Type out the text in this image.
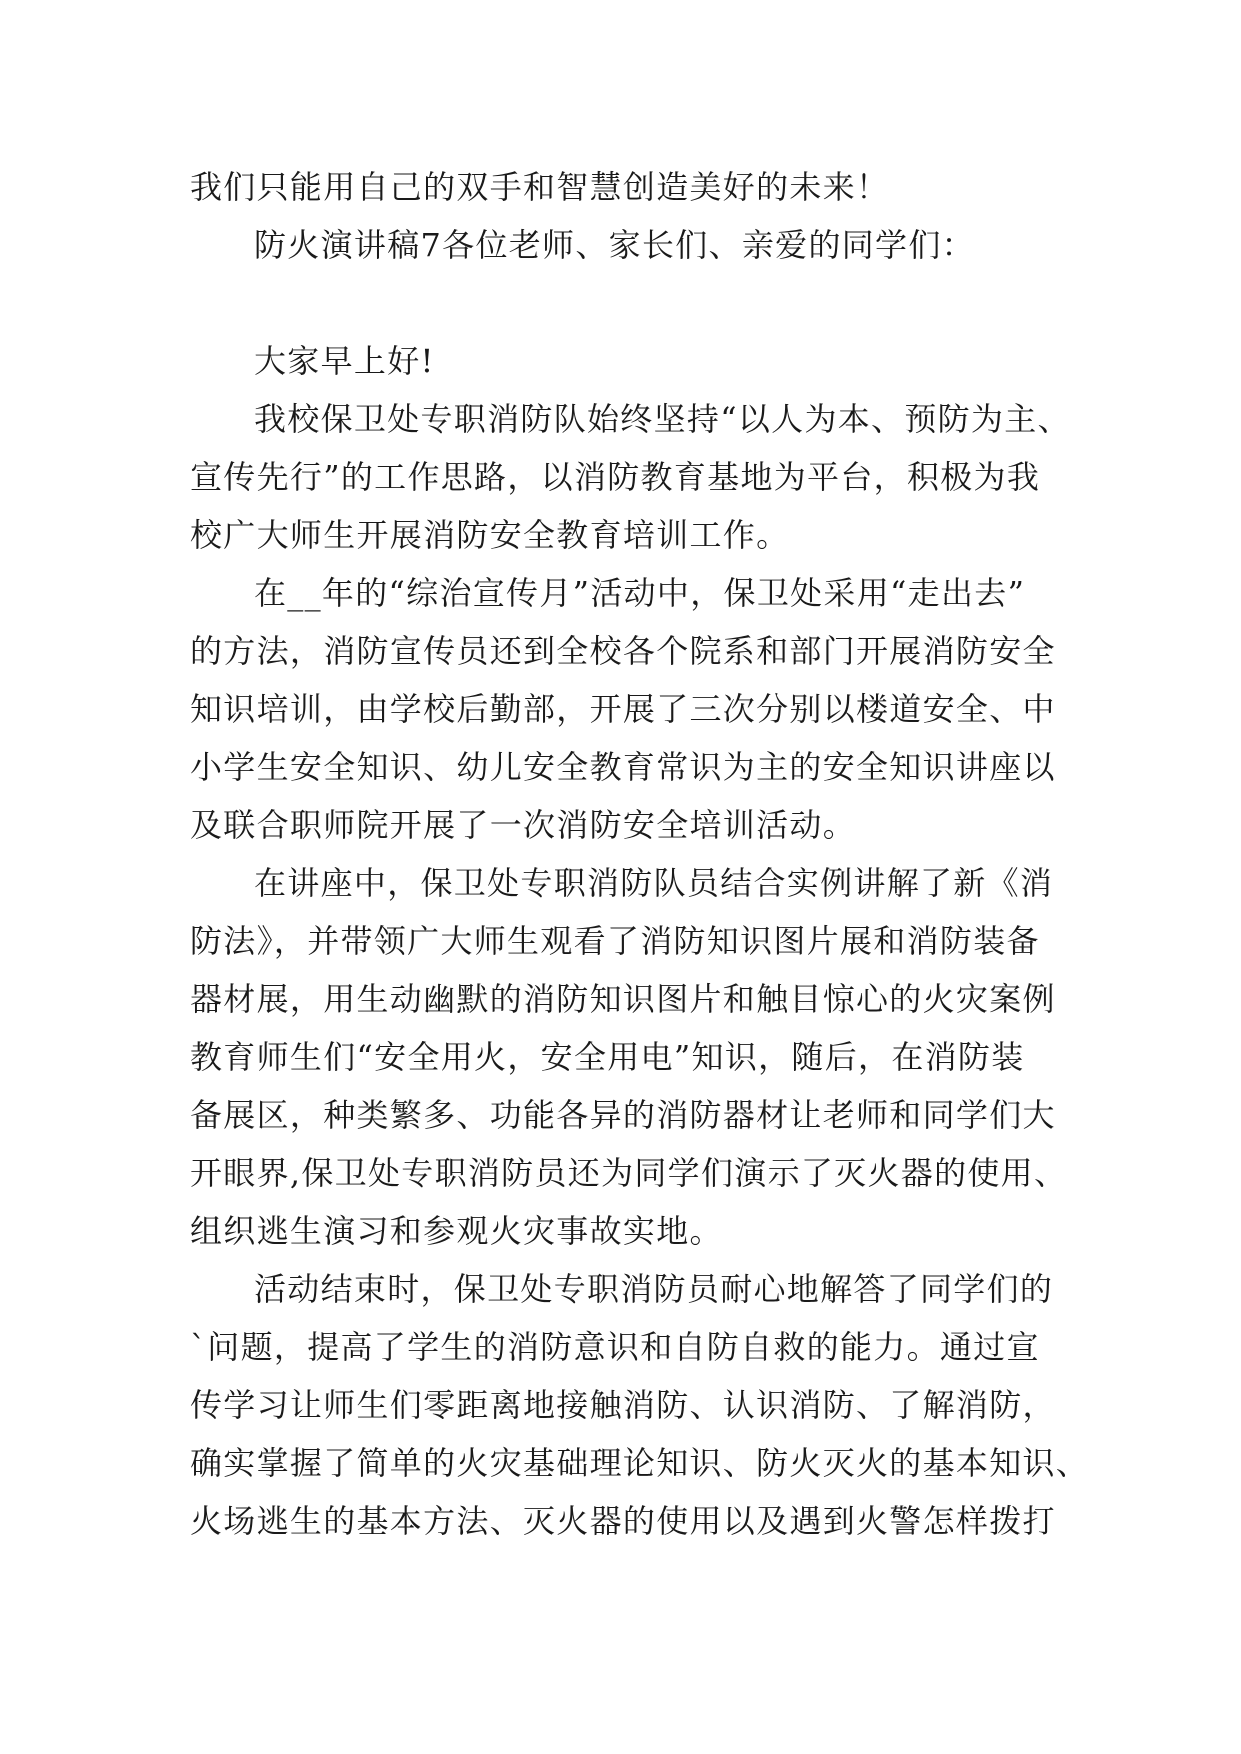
我们只能用自己的双手和智慧创造美好的未来！
防火演讲稿7各位老师、家长们、亲爱的同学们：
大家早上好!
我校保卫处专职消防队始终坚持“以人为本、预防为主、
宣传先行”的工作思路，以消防教育基地为平台，积极为我
校广大师生开展消防安全教育培训工作。
在__年的“综治宣传月”活动中，保卫处采用“走出去”
的方法，消防宣传员还到全校各个院系和部门开展消防安全
知识培训，由学校后勤部，开展了三次分别以楼道安全、中
小学生安全知识、幼儿安全教育常识为主的安全知识讲座以
及联合职师院开展了一次消防安全培训活动。
在讲座中，保卫处专职消防队员结合实例讲解了新《消
防法》，并带领广大师生观看了消防知识图片展和消防装备
器材展，用生动幽默的消防知识图片和触目惊心的火灾案例
教育师生们“安全用火，安全用电”知识，随后，在消防装
备展区，种类繁多、功能各异的消防器材让老师和同学们大
开眼界,保卫处专职消防员还为同学们演示了灭火器的使用、
组织逃生演习和参观火灾事故实地。
活动结束时，保卫处专职消防员耐心地解答了同学们的
`问题，提高了学生的消防意识和自防自救的能力。通过宣
传学习让师生们零距离地接触消防、认识消防、了解消防，
确实掌握了简单的火灾基础理论知识、防火灭火的基本知识、
火场逃生的基本方法、灭火器的使用以及遇到火警怎样拨打
